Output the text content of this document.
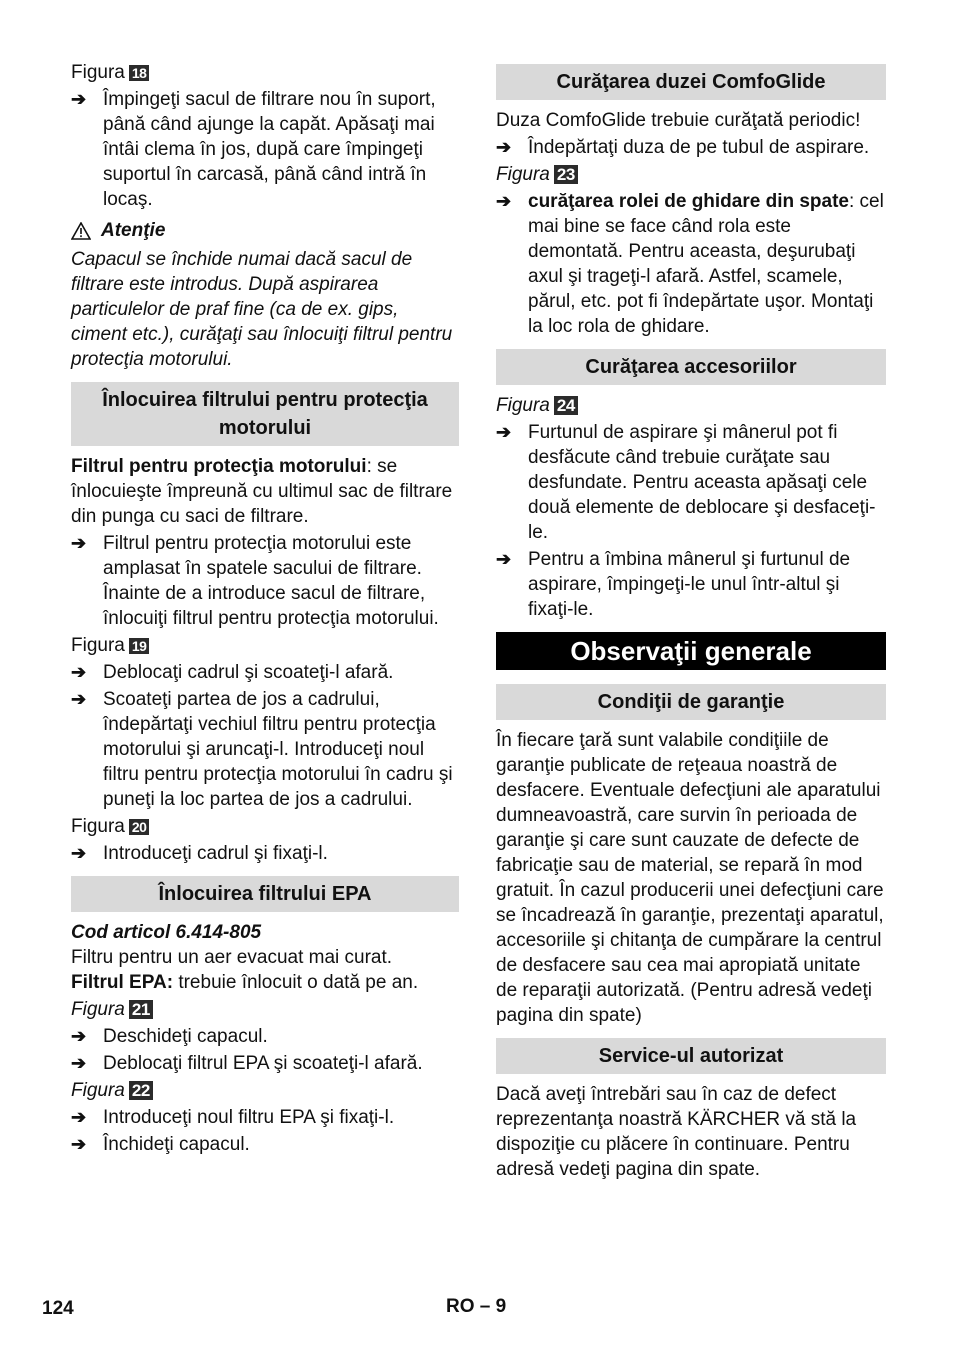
Figura 18
➔ Împingeţi sacul de filtrare nou în suport, până când ajunge la capăt. Apăsaţi mai întâi clema în jos, după care împingeţi suportul în carcasă, până când intră în locaş.
Atenţie

Capacul se închide numai dacă sacul de filtrare este introdus. După aspirarea particulelor de praf fine (ca de ex. gips, ciment etc.), curăţaţi sau înlocuiţi filtrul pentru protecţia motorului.

Înlocuirea filtrului pentru protecţia motorului

Filtrul pentru protecţia motorului: se înlocuieşte împreună cu ultimul sac de filtrare din punga cu saci de filtrare.

➔ Filtrul pentru protecţia motorului este amplasat în spatele sacului de filtrare. Înainte de a introduce sacul de filtrare, înlocuiţi filtrul pentru protecţia motorului.
Figura 19
➔ Deblocaţi cadrul şi scoateţi-l afară.
➔ Scoateţi partea de jos a cadrului, îndepărtaţi vechiul filtru pentru protecţia motorului şi aruncaţi-l. Introduceţi noul filtru pentru protecţia motorului în cadru şi puneţi la loc partea de jos a cadrului.
Figura 20
➔ Introduceţi cadrul şi fixaţi-l.
Înlocuirea filtrului EPA

Cod articol 6.414-805

Filtru pentru un aer evacuat mai curat.

Filtrul EPA: trebuie înlocuit o dată pe an.

Figura 21
➔ Deschideţi capacul.
➔ Deblocaţi filtrul EPA şi scoateţi-l afară.
Figura 22
➔ Introduceţi noul filtru EPA şi fixaţi-l.
➔ Închideţi capacul.
Curăţarea duzei ComfoGlide

Duza ComfoGlide trebuie curăţată periodic!

➔ Îndepărtaţi duza de pe tubul de aspirare.
Figura 23
➔ curăţarea rolei de ghidare din spate: cel mai bine se face când rola este demontată. Pentru aceasta, deşurubaţi axul şi trageţi-l afară. Astfel, scamele, părul, etc. pot fi îndepărtate uşor. Montaţi la loc rola de ghidare.
Curăţarea accesoriilor
Figura 24
➔ Furtunul de aspirare şi mânerul pot fi desfăcute când trebuie curăţate sau desfundate. Pentru aceasta apăsaţi cele două elemente de deblocare şi desfaceţi-le.
➔ Pentru a îmbina mânerul şi furtunul de aspirare, împingeţi-le unul într-altul şi fixaţi-le.
Observaţii generale
Condiţii de garanţie

În fiecare ţară sunt valabile condiţiile de garanţie publicate de reţeaua noastră de desfacere. Eventuale defecţiuni ale aparatului dumneavoastră, care survin în perioada de garanţie şi care sunt cauzate de defecte de fabricaţie sau de material, se repară în mod gratuit. În cazul producerii unei defecţiuni care se încadrează în garanţie, prezentaţi aparatul, accesoriile şi chitanţa de cumpărare la centrul de desfacere sau cea mai apropiată unitate de reparaţii autorizată. (Pentru adresă vedeţi pagina din spate)

Service-ul autorizat

Dacă aveţi întrebări sau în caz de defect reprezentanţa noastră KÄRCHER vă stă la dispoziţie cu plăcere în continuare. Pentru adresă vedeţi pagina din spate.

124	RO – 9
